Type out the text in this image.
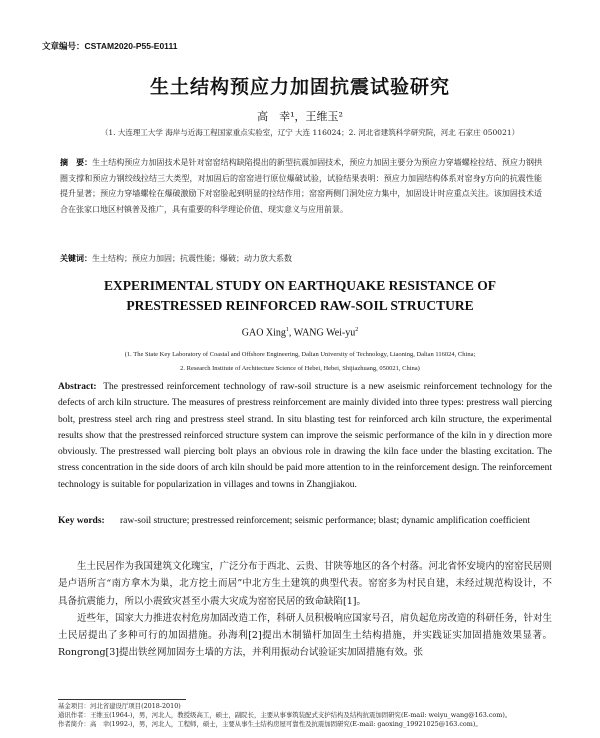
文章编号：CSTAM2020-P55-E0111
生土结构预应力加固抗震试验研究
高　幸¹，王维玉²
（1. 大连理工大学 海岸与近海工程国家重点实验室，辽宁 大连 116024；2. 河北省建筑科学研究院，河北 石家庄 050021）
摘　要：生土结构预应力加固技术是针对窑窑结构缺陷提出的新型抗震加固技术，预应力加固主要分为预应力穿墙螺栓拉结、预应力钢拱圈支撑和预应力钢绞线拉结三大类型，对加固后的窑窑进行原位爆破试验，试验结果表明：预应力加固结构体系对窑身y方向的抗震性能提升显著；预应力穿墙螺栓在爆破激励下对窑脸起到明显的拉结作用；窑窑两侧门洞处应力集中，加固设计时应重点关注。该加固技术适合在张家口地区村镇普及推广，具有重要的科学理论价值、现实意义与应用前景。
关键词：生土结构；预应力加固；抗震性能；爆破；动力放大系数
EXPERIMENTAL STUDY ON EARTHQUAKE RESISTANCE OF
PRESTRESSED REINFORCED RAW-SOIL STRUCTURE
GAO Xing$^1$, WANG Wei-$yu^2$
(1. The State Key Laboratory of Coastal and Offshore Engineering, Dalian University of Technology, Liaoning, Dalian 116024, China;
2. Research Institute of Architecture Science of Hebei, Hebei, Shijiazhuang, 050021, China)
Abstract: The prestressed reinforcement technology of raw-soil structure is a new aseismic reinforcement technology for the defects of arch kiln structure. The measures of prestress reinforcement are mainly divided into three types: prestress wall piercing bolt, prestress steel arch ring and prestress steel strand. In situ blasting test for reinforced arch kiln structure, the experimental results show that the prestressed reinforced structure system can improve the seismic performance of the kiln in y direction more obviously. The prestressed wall piercing bolt plays an obvious role in drawing the kiln face under the blasting excitation. The stress concentration in the side doors of arch kiln should be paid more attention to in the reinforcement design. The reinforcement technology is suitable for popularization in villages and towns in Zhangjiakou.
Key words:	raw-soil structure; prestressed reinforcement; seismic performance; blast; dynamic amplification coefficient

生土民居作为我国建筑文化瑰宝，广泛分布于西北、云贵、甘陕等地区的各个村落。河北省怀安境内的窑窑民居则是卢语所言“南方拿木为巢，北方挖土而居”中北方生土建筑的典型代表。窑窑多为村民自建，未经过规范构设计，不具备抗震能力，所以小震致灾甚至小震大灾成为窑窑民居的致命缺陷[1]。

近些年，国家大力推进农村危房加固改造工作，科研人员积极响应国家号召，肩负起危房改造的科研任务，针对生土民居提出了多种可行的加固措施。孙海利[2]提出木制锚杆加固生土结构措施，并实践证实加固措施效果显著。Rongrong[3]提出铁丝网加固夯土墙的方法，并利用振动台试验证实加固措施有效。张

基金项目：河北省建设厅项目(2018-2010)
通讯作者：王维玉(1964-)，男，河北人，教授级高工，硕士，副院长，主要从事事筑装配式支护结构及结构抗震加固研究(E-mail: weiyu_wang@163.com)。
作者简介：高　幸(1992-)，男，河北人，工程师，硕士，主要从事生土结构房屋可靠性及抗震加固研究(E-mail: gaoxing_19921025@163.com)。
